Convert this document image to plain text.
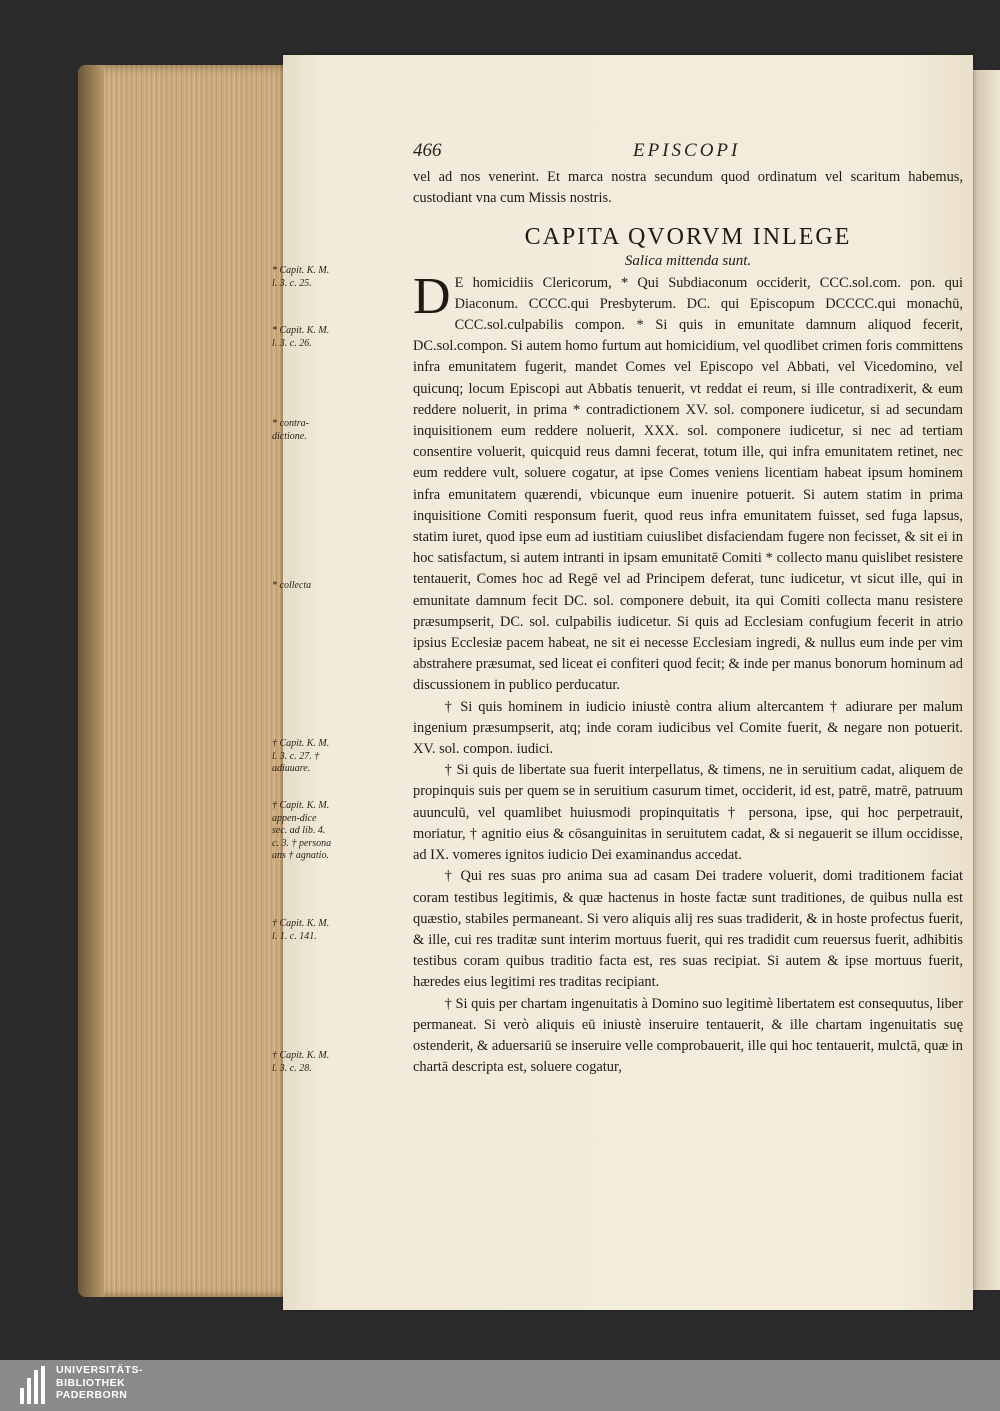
466	EPISCOPI

vel ad nos venerint. Et marca nostra secundum quod ordinatum vel scaritum habemus, custodiant vna cum Missis nostris.

CAPITA QVORVM INLEGE

Salica mittenda sunt.

D E homicidiis Clericorum, * Qui Subdiaconum occiderit, CCC.sol.com. pon. qui Diaconum. CCCC.qui Presbyterum. DC. qui Episcopum DCCCC.qui monachū, CCC.sol.culpabilis compon. * Si quis in emunitate damnum aliquod fecerit, DC.sol.compon. Si autem homo furtum aut homicidium, vel quodlibet crimen foris committens infra emunitatem fugerit, mandet Comes vel Episcopo vel Abbati, vel Vicedomino, vel quicunq; locum Episcopi aut Abbatis tenuerit, vt reddat ei reum, si ille contradixerit, & eum reddere noluerit, in prima * contradictionem XV. sol. componere iudicetur, si ad secundam inquisitionem eum reddere noluerit, XXX. sol. componere iudicetur, si nec ad tertiam consentire voluerit, quicquid reus damni fecerat, totum ille, qui infra emunitatem retinet, nec eum reddere vult, soluere cogatur, at ipse Comes veniens licentiam habeat ipsum hominem infra emunitatem quærendi, vbicunque eum inuenire potuerit. Si autem statim in prima inquisitione Comiti responsum fuerit, quod reus infra emunitatem fuisset, sed fuga lapsus, statim iuret, quod ipse eum ad iustitiam cuiuslibet disfaciendam fugere non fecisset, & sit ei in hoc satisfactum, si autem intranti in ipsam emunitatē Comiti * collecto manu quislibet resistere tentauerit, Comes hoc ad Regē vel ad Principem deferat, tunc iudicetur, vt sicut ille, qui in emunitate damnum fecit DC. sol. componere debuit, ita qui Comiti collecta manu resistere præsumpserit, DC. sol. culpabilis iudicetur. Si quis ad Ecclesiam confugium fecerit in atrio ipsius Ecclesiæ pacem habeat, ne sit ei necesse Ecclesiam ingredi, & nullus eum inde per vim abstrahere præsumat, sed liceat ei confiteri quod fecit; & inde per manus bonorum hominum ad discussionem in publico perducatur.

† Si quis hominem in iudicio iniustè contra alium altercantem † adiurare per malum ingenium præsumpserit, atq; inde coram iudicibus vel Comite fuerit, & negare non potuerit. XV. sol. compon. iudici.

† Si quis de libertate sua fuerit interpellatus, & timens, ne in seruitium cadat, aliquem de propinquis suis per quem se in seruitium casurum timet, occiderit, id est, patrē, matrē, patruum auunculū, vel quamlibet huiusmodi propinquitatis † persona, ipse, qui hoc perpetrauit, moriatur, † agnitio eius & cōsanguinitas in seruitutem cadat, & si negauerit se illum occidisse, ad IX. vomeres ignitos iudicio Dei examinandus accedat.

† Qui res suas pro anima sua ad casam Dei tradere voluerit, domi traditionem faciat coram testibus legitimis, & quæ hactenus in hoste factæ sunt traditiones, de quibus nulla est quæstio, stabiles permaneant. Si vero aliquis alij res suas tradiderit, & in hoste profectus fuerit, & ille, cui res traditæ sunt interim mortuus fuerit, qui res tradidit cum reuersus fuerit, adhibitis testibus coram quibus traditio facta est, res suas recipiat. Si autem & ipse mortuus fuerit, hæredes eius legitimi res traditas recipiant.

† Si quis per chartam ingenuitatis à Domino suo legitimè libertatem est consequutus, liber permaneat. Si verò aliquis eū iniustè inseruire tentauerit, & ille chartam ingenuitatis suę ostenderit, & aduersariū se inseruire velle comprobauerit, ille qui hoc tentauerit, mulctā, quæ in chartā descripta est, soluere cogatur,

* Capit. K. M. l. 3. c. 25.
* Capit. K. M. l. 3. c. 26.
* contra-dictione.
* collecta
† Capit. K. M. l. 3. c. 27. † adiuuare.
† Capit. K. M. appen-dice sec. ad lib. 4. c. 3. † persona ans † agnatio.
† Capit. K. M. l. 1. c. 141.
† Capit. K. M. l. 3. c. 28.
UNIVERSITÄTS-
BIBLIOTHEK
PADERBORN
